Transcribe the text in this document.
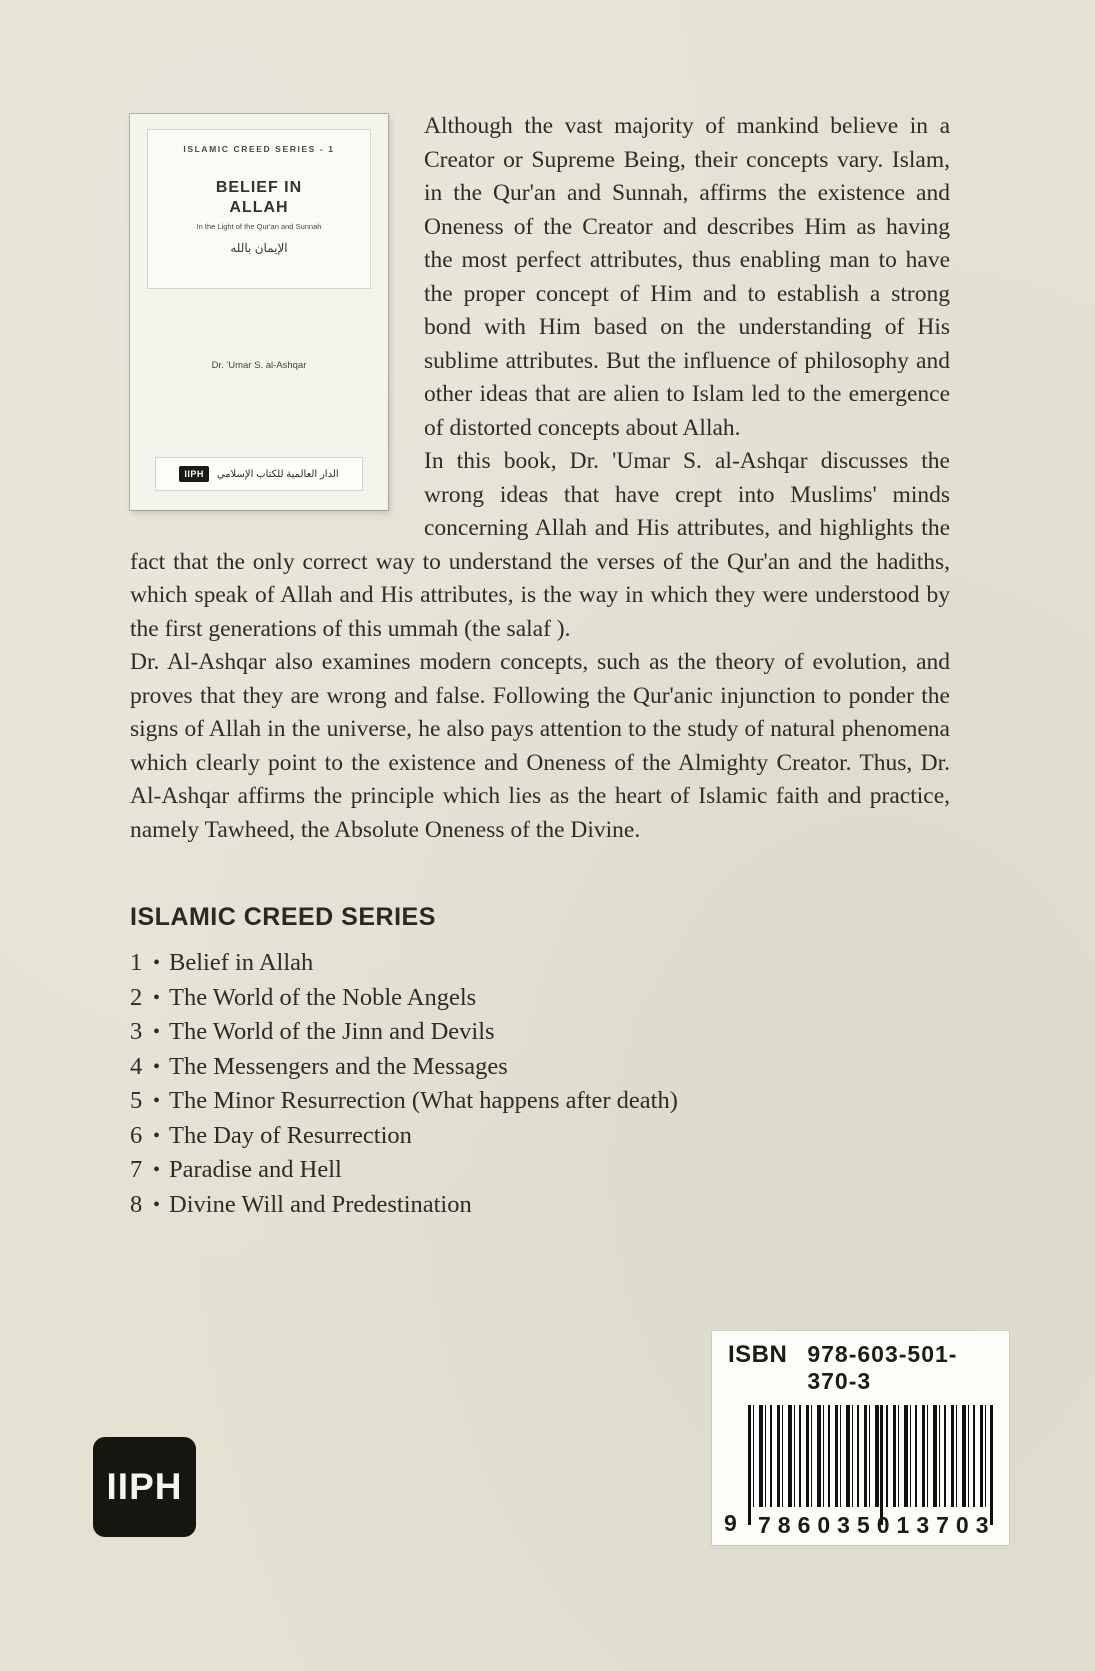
ISLAMIC CREED SERIES - 1
BELIEF IN
ALLAH
In the Light of the Qur'an and Sunnah
الإيمان بالله
Dr. 'Umar S. al-Ashqar
IIPH	الدار العالمية للكتاب الإسلامي

Although the vast majority of mankind believe in a Creator or Supreme Being, their concepts vary. Islam, in the Qur'an and Sunnah, affirms the existence and Oneness of the Creator and describes Him as having the most perfect attributes, thus enabling man to have the proper concept of Him and to establish a strong bond with Him based on the understanding of His sublime attributes. But the influence of philosophy and other ideas that are alien to Islam led to the emergence of distorted concepts about Allah.

In this book, Dr. 'Umar S. al-Ashqar discusses the wrong ideas that have crept into Muslims' minds concerning Allah and His attributes, and highlights the fact that the only correct way to understand the verses of the Qur'an and the hadiths, which speak of Allah and His attributes, is the way in which they were understood by the first generations of this ummah (the salaf ).

Dr. Al-Ashqar also examines modern concepts, such as the theory of evolution, and proves that they are wrong and false. Following the Qur'anic injunction to ponder the signs of Allah in the universe, he also pays attention to the study of natural phenomena which clearly point to the existence and Oneness of the Almighty Creator. Thus, Dr. Al-Ashqar affirms the principle which lies as the heart of Islamic faith and practice, namely Tawheed, the Absolute Oneness of the Divine.

ISLAMIC CREED SERIES
1 • Belief in Allah
2 • The World of the Noble Angels
3 • The World of the Jinn and Devils
4 • The Messengers and the Messages
5 • The Minor Resurrection (What happens after death)
6 • The Day of Resurrection
7 • Paradise and Hell
8 • Divine Will and Predestination
ISBN 978-603-501-370-3
9 786035 013703
IIPH
